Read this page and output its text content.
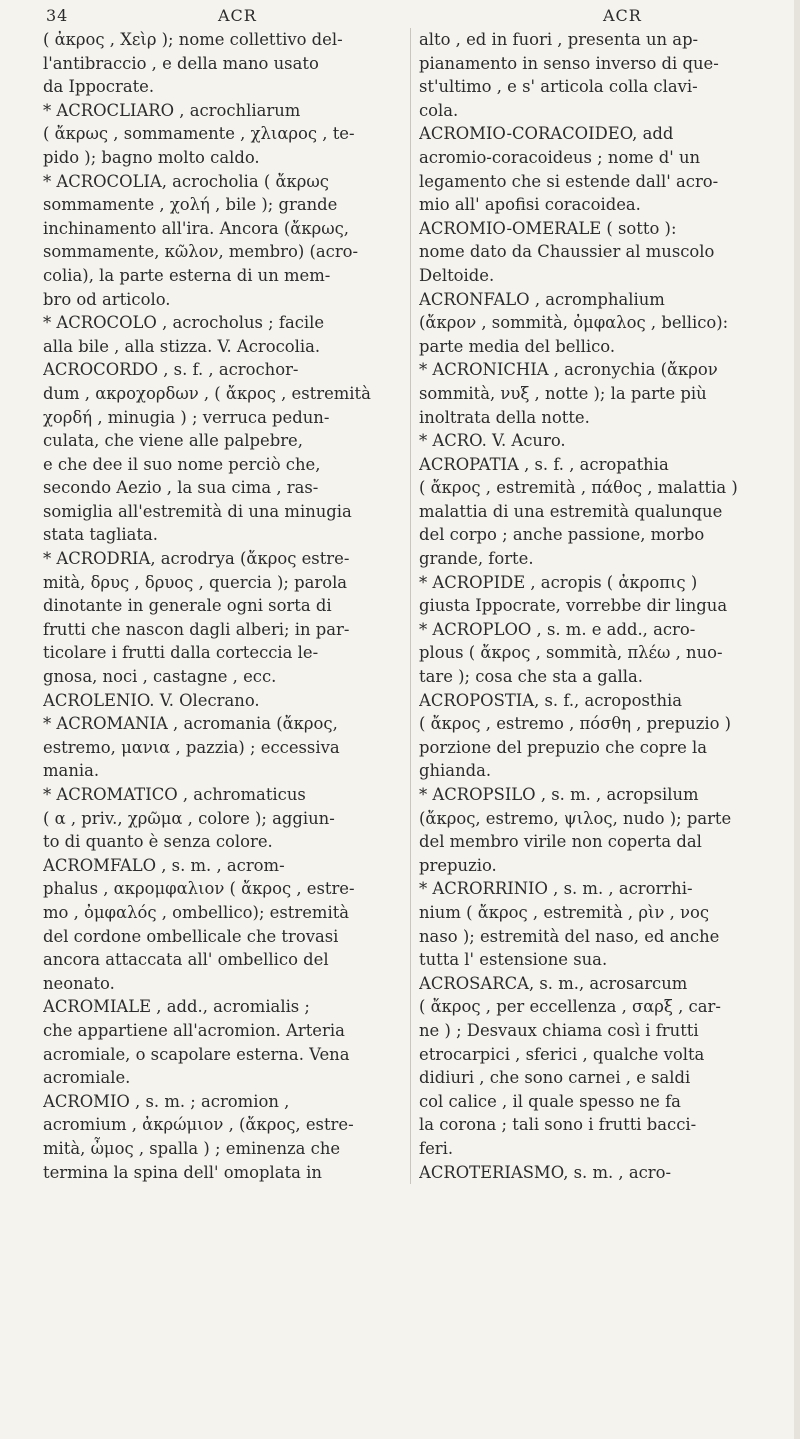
34	ACR	ACR
( ἀκρος , Χεὶρ ); nome collettivo del-
l'antibraccio , e della mano usato
da Ippocrate.
* ACROCLIARO , acrochliarum
( ἄκρως , sommamente , χλιαρος , te-
pido ); bagno molto caldo.
* ACROCOLIA, acrocholia ( ἄκρως
sommamente , χολή , bile ); grande
inchinamento all'ira. Ancora (ἄκρως,
sommamente, κῶλον, membro) (acro-
colia), la parte esterna di un mem-
bro od articolo.
* ACROCOLO , acrocholus ; facile
alla bile , alla stizza. V. Acrocolia.
ACROCORDO , s. f. , acrochor-
dum , ακροχορδων , ( ἄκρος , estremità
χορδή , minugia ) ; verruca pedun-
culata, che viene alle palpebre,
e che dee il suo nome perciò che,
secondo Aezio , la sua cima , ras-
somiglia all'estremità di una minugia
stata tagliata.
* ACRODRIA, acrodrya (ἄκρος estre-
mità, δρυς , δρυος , quercia ); parola
dinotante in generale ogni sorta di
frutti che nascon dagli alberi; in par-
ticolare i frutti dalla corteccia le-
gnosa, noci , castagne , ecc.
ACROLENIO. V. Olecrano.
* ACROMANIA , acromania (ἄκρος,
estremo, μανια , pazzia) ; eccessiva
mania.
* ACROMATICO , achromaticus
( α , priv., χρῶμα , colore ); aggiun-
to di quanto è senza colore.
ACROMFALO , s. m. , acrom-
phalus , ακρομφαλιον ( ἄκρος , estre-
mo , ὀμφαλός , ombellico); estremità
del cordone ombellicale che trovasi
ancora attaccata all' ombellico del
neonato.
ACROMIALE , add., acromialis ;
che appartiene all'acromion. Arteria
acromiale, o scapolare esterna. Vena
acromiale.
ACROMIO , s. m. ; acromion ,
acromium , ἀκρώμιον , (ἄκρος, estre-
mità, ὦμος , spalla ) ; eminenza che
termina la spina dell' omoplata in
alto , ed in fuori , presenta un ap-
pianamento in senso inverso di que-
st'ultimo , e s' articola colla clavi-
cola.
ACROMIO-CORACOIDEO, add
acromio-coracoideus ; nome d' un
legamento che si estende dall' acro-
mio all' apofisi coracoidea.
ACROMIO-OMERALE ( sotto ):
nome dato da Chaussier al muscolo
Deltoide.
ACRONFALO , acromphalium
(ἄκρον , sommità, ὀμφαλος , bellico):
parte media del bellico.
* ACRONICHIA , acronychia (ἄκρον
sommità, νυξ , notte ); la parte più
inoltrata della notte.
* ACRO. V. Acuro.
ACROPATIA , s. f. , acropathia
( ἄκρος , estremità , πάθος , malattia )
malattia di una estremità qualunque
del corpo ; anche passione, morbo
grande, forte.
* ACROPIDE , acropis ( ἀκροπις )
giusta Ippocrate, vorrebbe dir lingua
* ACROPLOO , s. m. e add., acro-
plous ( ἄκρος , sommità, πλέω , nuo-
tare ); cosa che sta a galla.
ACROPOSTIA, s. f., acroposthia
( ἄκρος , estremo , πόσθη , prepuzio )
porzione del prepuzio che copre la
ghianda.
* ACROPSILO , s. m. , acropsilum
(ἄκρος, estremo, ψιλος, nudo ); parte
del membro virile non coperta dal
prepuzio.
* ACRORRINIO , s. m. , acrorrhi-
nium ( ἄκρος , estremità , ρὶν , νος
naso ); estremità del naso, ed anche
tutta l' estensione sua.
ACROSARCA, s. m., acrosarcum
( ἄκρος , per eccellenza , σαρξ , car-
ne ) ; Desvaux chiama così i frutti
etrocarpici , sferici , qualche volta
didiuri , che sono carnei , e saldi
col calice , il quale spesso ne fa
la corona ; tali sono i frutti bacci-
feri.
ACROTERIASMO, s. m. , acro-
